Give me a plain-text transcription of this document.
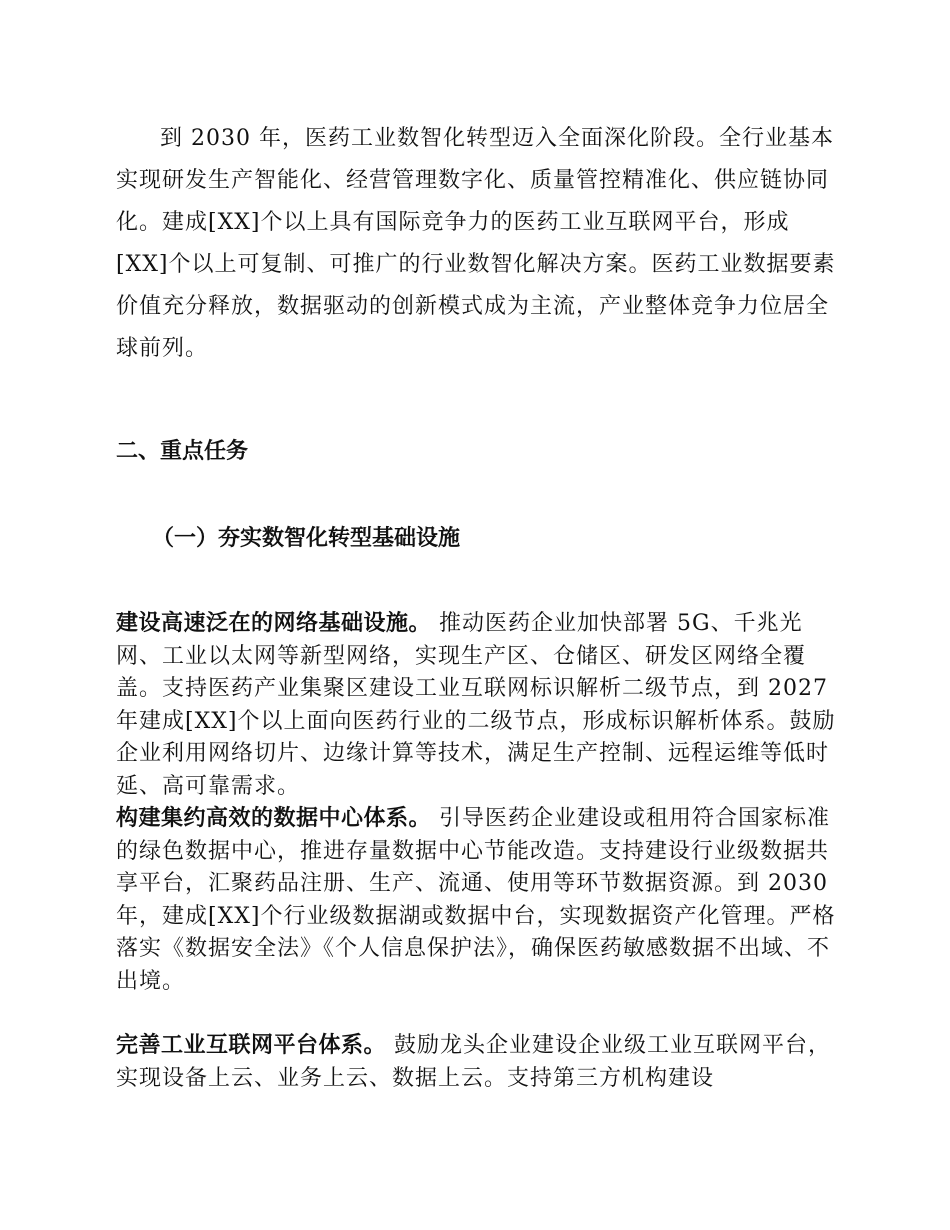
到 2030 年，医药工业数智化转型迈入全面深化阶段。全行业基本实现研发生产智能化、经营管理数字化、质量管控精准化、供应链协同化。建成[XX]个以上具有国际竞争力的医药工业互联网平台，形成[XX]个以上可复制、可推广的行业数智化解决方案。医药工业数据要素价值充分释放，数据驱动的创新模式成为主流，产业整体竞争力位居全球前列。

二、重点任务
（一）夯实数智化转型基础设施

建设高速泛在的网络基础设施。 推动医药企业加快部署 5G、千兆光网、工业以太网等新型网络，实现生产区、仓储区、研发区网络全覆盖。支持医药产业集聚区建设工业互联网标识解析二级节点，到 2027 年建成[XX]个以上面向医药行业的二级节点，形成标识解析体系。鼓励企业利用网络切片、边缘计算等技术，满足生产控制、远程运维等低时延、高可靠需求。

构建集约高效的数据中心体系。 引导医药企业建设或租用符合国家标准的绿色数据中心，推进存量数据中心节能改造。支持建设行业级数据共享平台，汇聚药品注册、生产、流通、使用等环节数据资源。到 2030 年，建成[XX]个行业级数据湖或数据中台，实现数据资产化管理。严格落实《数据安全法》《个人信息保护法》，确保医药敏感数据不出域、不出境。

完善工业互联网平台体系。 鼓励龙头企业建设企业级工业互联网平台，实现设备上云、业务上云、数据上云。支持第三方机构建设
